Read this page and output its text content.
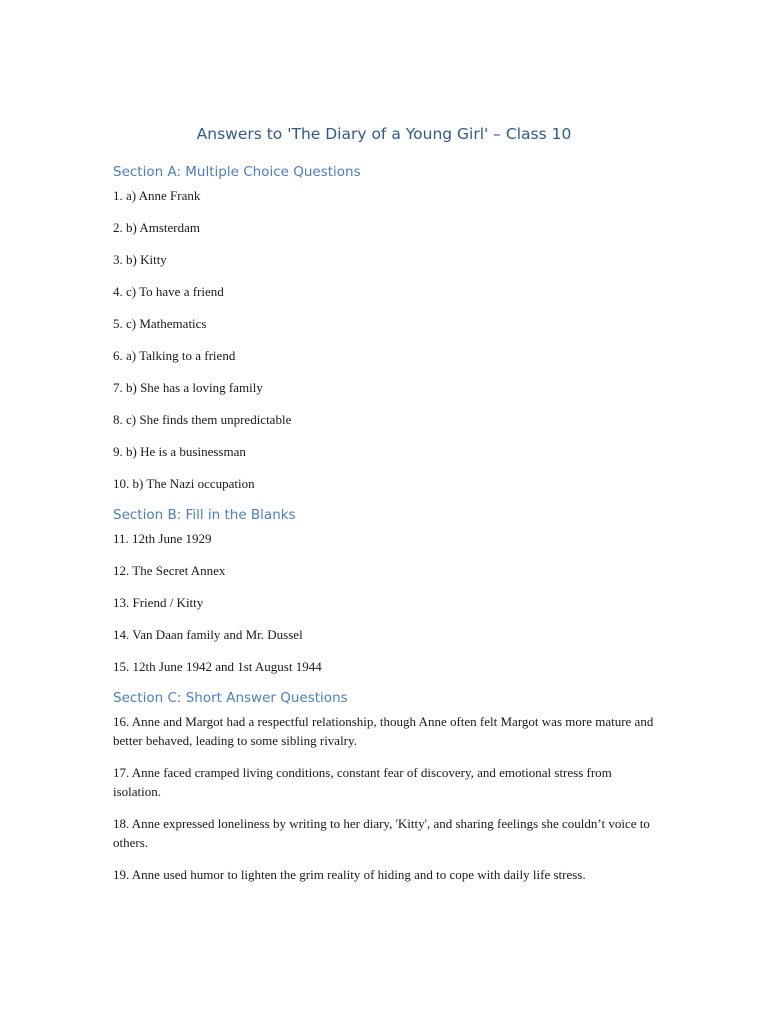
Answers to 'The Diary of a Young Girl' – Class 10
Section A: Multiple Choice Questions

1. a) Anne Frank

2. b) Amsterdam

3. b) Kitty

4. c) To have a friend

5. c) Mathematics

6. a) Talking to a friend

7. b) She has a loving family

8. c) She finds them unpredictable

9. b) He is a businessman

10. b) The Nazi occupation

Section B: Fill in the Blanks

11. 12th June 1929

12. The Secret Annex

13. Friend / Kitty

14. Van Daan family and Mr. Dussel

15. 12th June 1942 and 1st August 1944

Section C: Short Answer Questions

16. Anne and Margot had a respectful relationship, though Anne often felt Margot was more mature and better behaved, leading to some sibling rivalry.

17. Anne faced cramped living conditions, constant fear of discovery, and emotional stress from isolation.

18. Anne expressed loneliness by writing to her diary, 'Kitty', and sharing feelings she couldn’t voice to others.

19. Anne used humor to lighten the grim reality of hiding and to cope with daily life stress.
